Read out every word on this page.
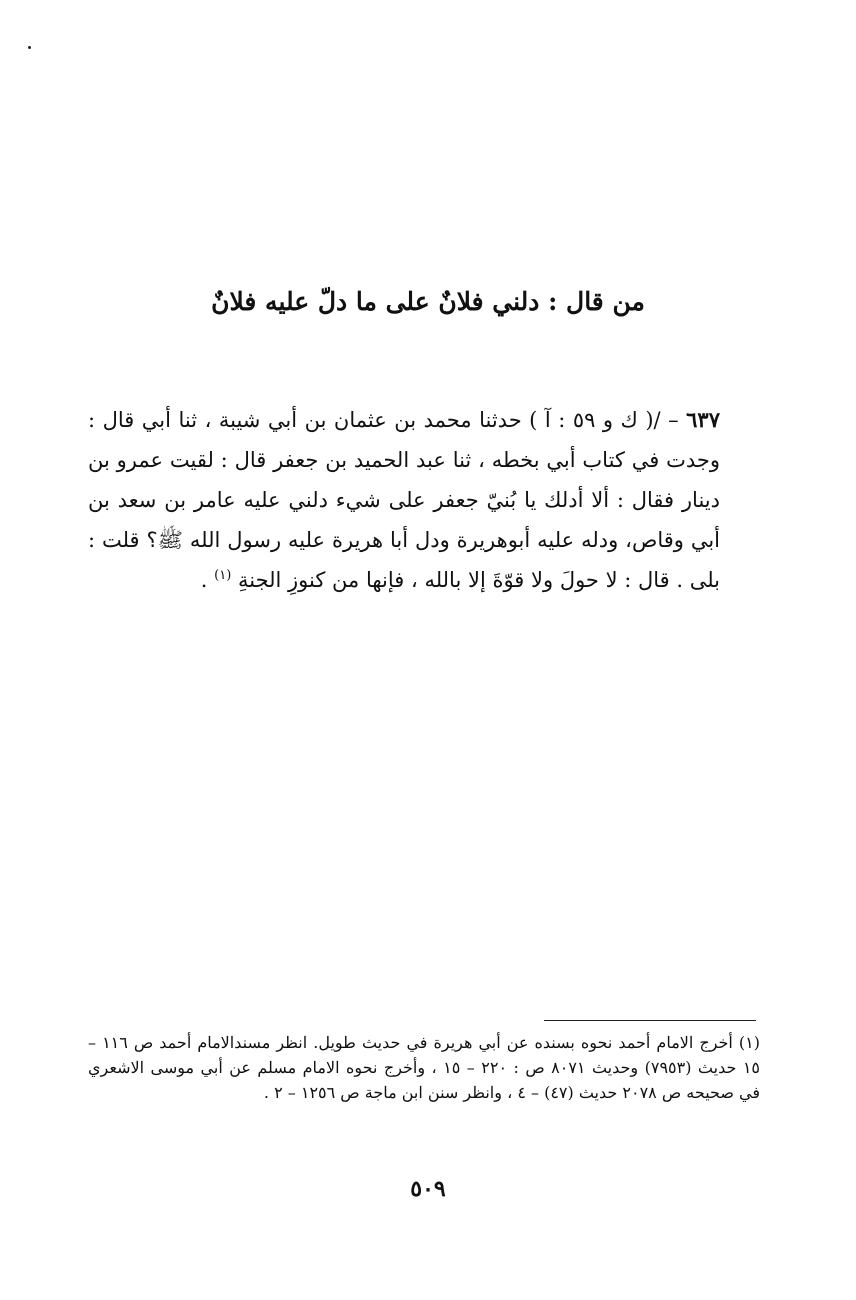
من قال : دلني فلانٌ على ما دلّ عليه فلانٌ

٦٣٧ – /( ك و ٥٩ : آ ) حدثنا محمد بن عثمان بن أبي شيبة ، ثنا أبي قال : وجدت في كتاب أبي بخطه ، ثنا عبد الحميد بن جعفر قال : لقيت عمرو بن دينار فقال : ألا أدلك يا بُنيّ جعفر على شيء دلني عليه عامر بن سعد بن أبي وقاص، ودله عليه أبوهريرة ودل أبا هريرة عليه رسول الله ﷺ؟ قلت : بلى . قال : لا حولَ ولا قوّةَ إلا بالله ، فإنها من كنوزِ الجنةِ $^{(١)}$ .

(١) أخرج الامام أحمد نحوه بسنده عن أبي هريرة في حديث طويل. انظر مسندالامام أحمد ص ١١٦ – ١٥ حديث (٧٩٥٣) وحديث ٨٠٧١ ص : ٢٢٠ – ١٥ ، وأخرج نحوه الامام مسلم عن أبي موسى الاشعري في صحيحه ص ٢٠٧٨ حديث (٤٧) – ٤ ، وانظر سنن ابن ماجة ص ١٢٥٦ – ٢ .

٥٠٩
